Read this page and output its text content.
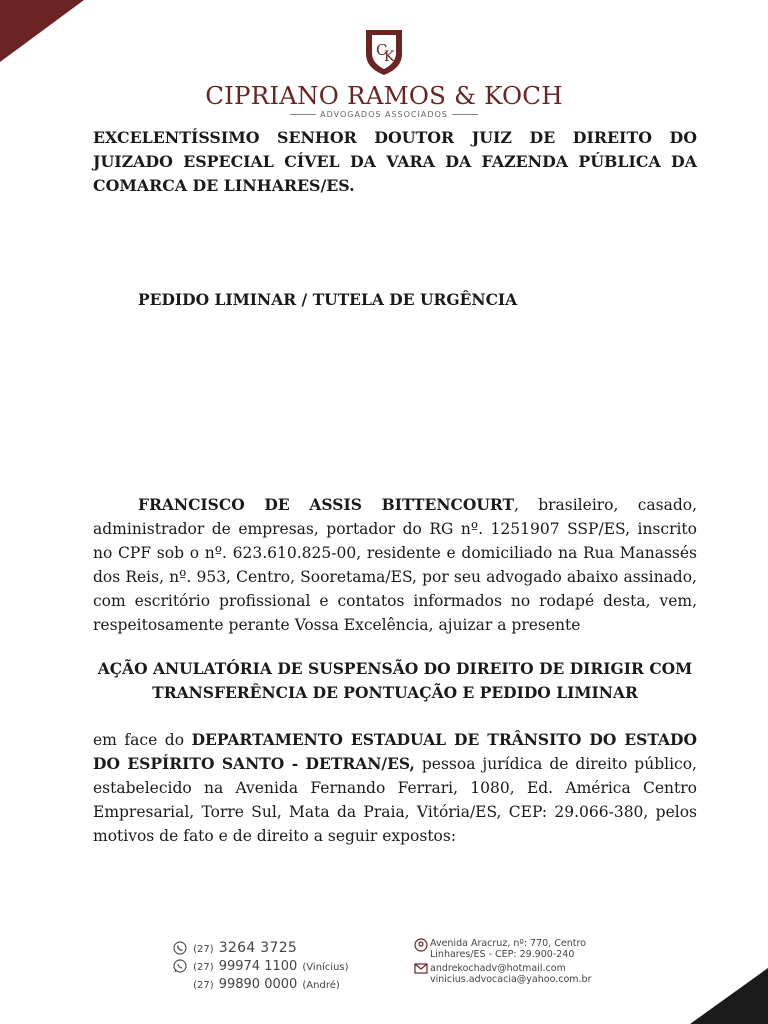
C
K
CIPRIANO RAMOS & KOCH
ADVOGADOS ASSOCIADOS

EXCELENTÍSSIMO SENHOR DOUTOR JUIZ DE DIREITO DO JUIZADO ESPECIAL CÍVEL DA VARA DA FAZENDA PÚBLICA DA COMARCA DE LINHARES/ES.

PEDIDO LIMINAR / TUTELA DE URGÊNCIA

FRANCISCO DE ASSIS BITTENCOURT, brasileiro, casado, administrador de empresas, portador do RG nº. 1251907 SSP/ES, inscrito no CPF sob o nº. 623.610.825-00, residente e domiciliado na Rua Manassés dos Reis, nº. 953, Centro, Sooretama/ES, por seu advogado abaixo assinado, com escritório profissional e contatos informados no rodapé desta, vem, respeitosamente perante Vossa Excelência, ajuizar a presente

AÇÃO ANULATÓRIA DE SUSPENSÃO DO DIREITO DE DIRIGIR COM
TRANSFERÊNCIA DE PONTUAÇÃO E PEDIDO LIMINAR

em face do DEPARTAMENTO ESTADUAL DE TRÂNSITO DO ESTADO DO ESPÍRITO SANTO - DETRAN/ES, pessoa jurídica de direito público, estabelecido na Avenida Fernando Ferrari, 1080, Ed. América Centro Empresarial, Torre Sul, Mata da Praia, Vitória/ES, CEP: 29.066-380, pelos motivos de fato e de direito a seguir expostos:

(27) 3264 3725
(27) 99974 1100 (Vinícius)
(27) 99890 0000 (André)
Avenida Aracruz, nº: 770, Centro
Linhares/ES - CEP: 29.900-240
andrekochadv@hotmail.com
vinicius.advocacia@yahoo.com.br
